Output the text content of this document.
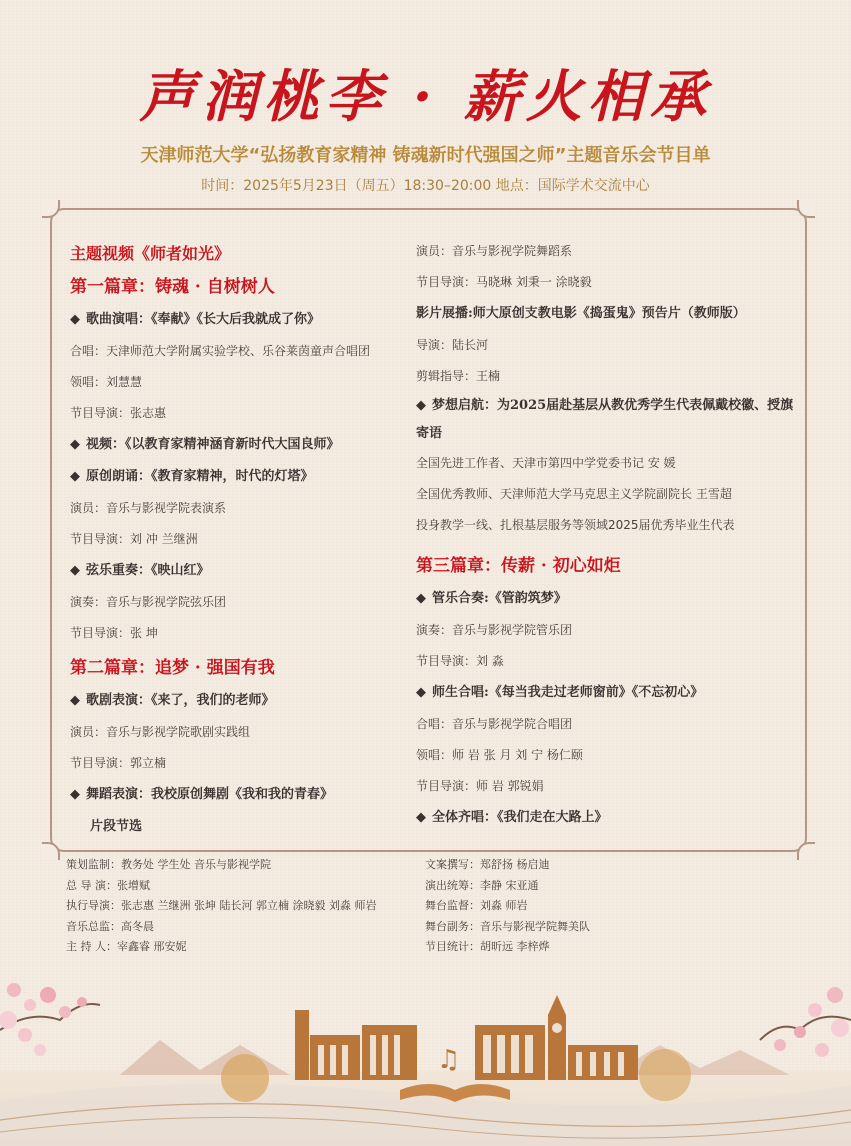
声润桃李 · 薪火相承
天津师范大学“弘扬教育家精神 铸魂新时代强国之师”主题音乐会节目单
时间：2025年5月23日（周五）18:30–20:00 地点：国际学术交流中心
主题视频《师者如光》
第一篇章：铸魂 · 自树树人
◆ 歌曲演唱：《奉献》《长大后我就成了你》
合唱：天津师范大学附属实验学校、乐谷莱茵童声合唱团
领唱：刘慧慧
节目导演：张志惠
◆ 视频：《以教育家精神涵育新时代大国良师》
◆ 原创朗诵：《教育家精神，时代的灯塔》
演员：音乐与影视学院表演系
节目导演：刘 冲 兰继洲
◆ 弦乐重奏：《映山红》
演奏：音乐与影视学院弦乐团
节目导演：张 坤
第二篇章：追梦 · 强国有我
◆ 歌剧表演：《来了，我们的老师》
演员：音乐与影视学院歌剧实践组
节目导演：郭立楠
◆ 舞蹈表演：我校原创舞剧《我和我的青春》
片段节选
演员：音乐与影视学院舞蹈系
节目导演：马晓琳 刘秉一 涂晓毅
影片展播:师大原创支教电影《捣蛋鬼》预告片（教师版）
导演：陆长河
剪辑指导：王楠
◆ 梦想启航：为2025届赴基层从教优秀学生代表佩戴校徽、授旗寄语
全国先进工作者、天津市第四中学党委书记 安 媛
全国优秀教师、天津师范大学马克思主义学院副院长 王雪超
投身教学一线、扎根基层服务等领域2025届优秀毕业生代表
第三篇章：传薪 · 初心如炬
◆ 管乐合奏:《管韵筑梦》
演奏：音乐与影视学院管乐团
节目导演：刘 淼
◆ 师生合唱:《每当我走过老师窗前》《不忘初心》
合唱：音乐与影视学院合唱团
领唱：师 岩 张 月 刘 宁 杨仁颐
节目导演：师 岩 郭锐娟
◆ 全体齐唱：《我们走在大路上》
策划监制：教务处 学生处 音乐与影视学院
总 导 演：张增赋
执行导演：张志惠 兰继洲 张坤 陆长河 郭立楠 涂晓毅 刘淼 师岩
音乐总监：高冬晨
主 持 人：宰鑫睿 邢安妮
文案撰写：郑舒扬 杨启迪
演出统筹：李静 宋亚通
舞台监督：刘淼 师岩
舞台副务：音乐与影视学院舞美队
节目统计：胡昕远 李梓烨
♫
